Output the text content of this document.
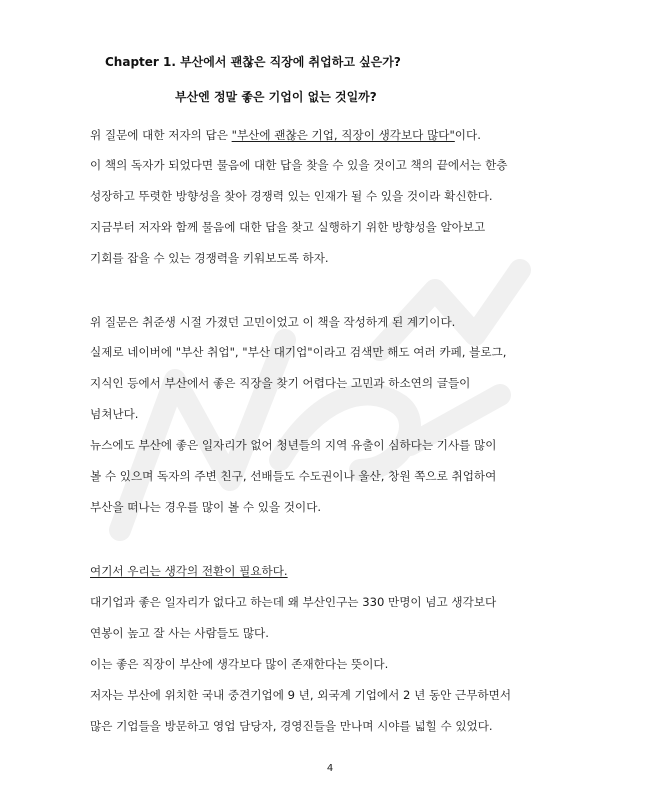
Chapter 1. 부산에서 괜찮은 직장에 취업하고 싶은가?
부산엔 정말 좋은 기업이 없는 것일까?
위 질문에 대한 저자의 답은 "부산에 괜찮은 기업, 직장이 생각보다 많다"이다.
이 책의 독자가 되었다면 물음에 대한 답을 찾을 수 있을 것이고 책의 끝에서는 한층
성장하고 뚜렷한 방향성을 찾아 경쟁력 있는 인재가 될 수 있을 것이라 확신한다.
지금부터 저자와 함께 물음에 대한 답을 찾고 실행하기 위한 방향성을 알아보고
기회를 잡을 수 있는 경쟁력을 키워보도록 하자.
위 질문은 취준생 시절 가졌던 고민이었고 이 책을 작성하게 된 계기이다.
실제로 네이버에 "부산 취업", "부산 대기업"이라고 검색만 해도 여러 카페, 블로그,
지식인 등에서 부산에서 좋은 직장을 찾기 어렵다는 고민과 하소연의 글들이
넘쳐난다.
뉴스에도 부산에 좋은 일자리가 없어 청년들의 지역 유출이 심하다는 기사를 많이
볼 수 있으며 독자의 주변 친구, 선배들도 수도권이나 울산, 창원 쪽으로 취업하여
부산을 떠나는 경우를 많이 볼 수 있을 것이다.
여기서 우리는 생각의 전환이 필요하다.
대기업과 좋은 일자리가 없다고 하는데 왜 부산인구는 330 만명이 넘고 생각보다
연봉이 높고 잘 사는 사람들도 많다.
이는 좋은 직장이 부산에 생각보다 많이 존재한다는 뜻이다.
저자는 부산에 위치한 국내 중견기업에 9 년, 외국계 기업에서 2 년 동안 근무하면서
많은 기업들을 방문하고 영업 담당자, 경영진들을 만나며 시야를 넓힐 수 있었다.
4
